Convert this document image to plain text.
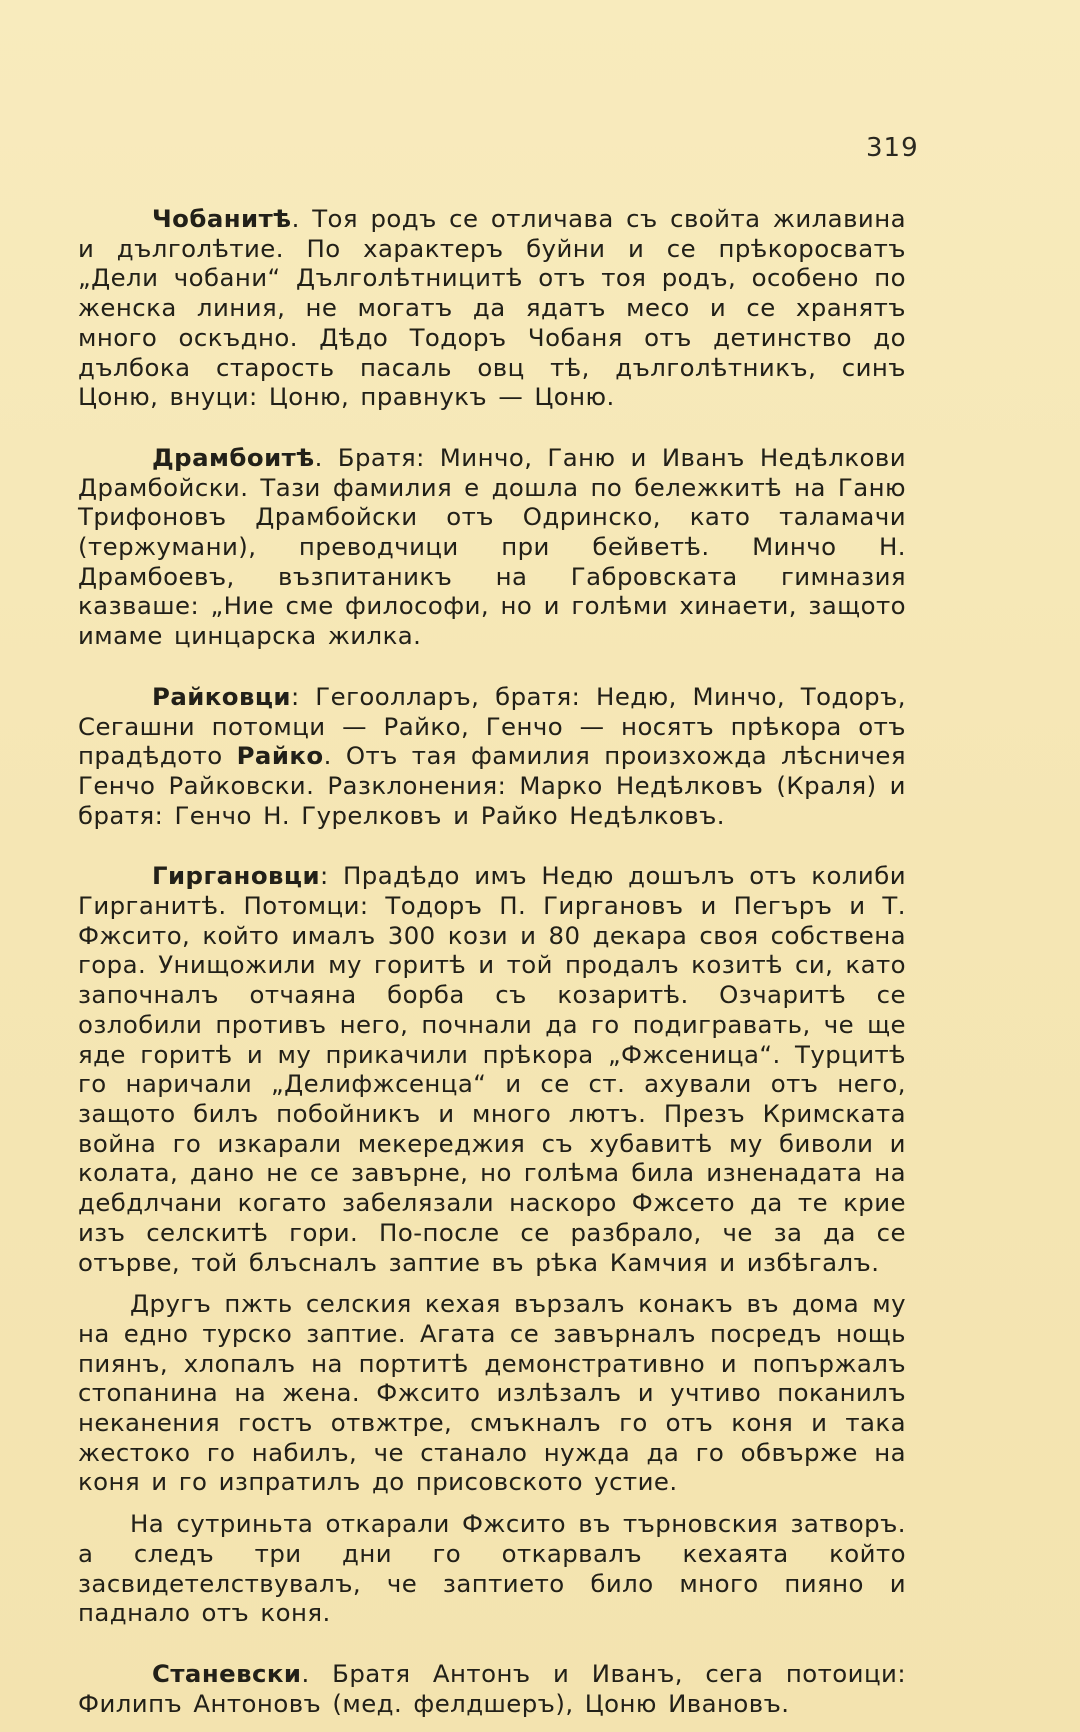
319

Чобанитѣ. Тоя родъ се отличава съ свойта жилавина и дълголѣтие. По характеръ буйни и се прѣкоросватъ „Дели чобани“ Дълголѣтницитѣ отъ тоя родъ, особено по женска линия, не могатъ да ядатъ месо и се хранятъ много оскъдно. Дѣдо Тодоръ Чобаня отъ детинство до дълбока старость пасаль овц тѣ, дълголѣтникъ, синъ Цоню, внуци: Цоню, правнукъ — Цоню.

Драмбоитѣ. Братя: Минчо, Ганю и Иванъ Недѣлкови Драмбойски. Тази фамилия е дошла по бележкитѣ на Ганю Трифоновъ Драмбойски отъ Одринско, като таламачи (тержумани), преводчици при бейветѣ. Минчо Н. Драмбоевъ, възпитаникъ на Габровската гимназия казваше: „Ние сме философи, но и голѣми хинаети, защото имаме цинцарска жилка.

Райковци: Гегоолларъ, братя: Недю, Минчо, Тодоръ, Сегашни потомци — Райко, Генчо — носятъ прѣкора отъ прадѣдото Райко. Отъ тая фамилия произхожда лѣсничея Генчо Райковски. Разклонения: Марко Недѣлковъ (Краля) и братя: Генчо Н. Гурелковъ и Райко Недѣлковъ.

Гиргановци: Прадѣдо имъ Недю дошълъ отъ колиби Гирганитѣ. Потомци: Тодоръ П. Гиргановъ и Пегъръ и Т. Фжсито, който ималъ 300 кози и 80 декара своя собствена гора. Унищожили му горитѣ и той продалъ козитѣ си, като започналъ отчаяна борба съ козаритѣ. Озчаритѣ се озлобили противъ него, почнали да го подигравать, че ще яде горитѣ и му прикачили прѣкора „Фжсеница“. Турцитѣ го наричали „Делифжсенца“ и се ст. ахували отъ него, защото билъ побойникъ и много лютъ. Презъ Кримската война го изкарали мекереджия съ хубавитѣ му биволи и колата, дано не се завърне, но голѣма била изненадата на дебдлчани когато забелязали наскоро Фжсето да те крие изъ селскитѣ гори. По-после се разбрало, че за да се отърве, той блъсналъ заптие въ рѣка Камчия и избѣгалъ.

Другъ пжть селския кехая вързалъ конакъ въ дома му на едно турско заптие. Агата се завърналъ посредъ нощь пиянъ, хлопалъ на портитѣ демонстративно и попържалъ стопанина на жена. Фжсито излѣзалъ и учтиво поканилъ неканения гостъ отвжтре, смъкналъ го отъ коня и така жестоко го набилъ, че станало нужда да го обвърже на коня и го изпратилъ до присовското устие.

На сутриньта откарали Фжсито въ търновския затворъ. а следъ три дни го откарвалъ кехаята който засвидетелствувалъ, че заптието било много пияно и паднало отъ коня.

Станевски. Братя Антонъ и Иванъ, сега потоици: Филипъ Антоновъ (мед. фелдшеръ), Цоню Ивановъ.
